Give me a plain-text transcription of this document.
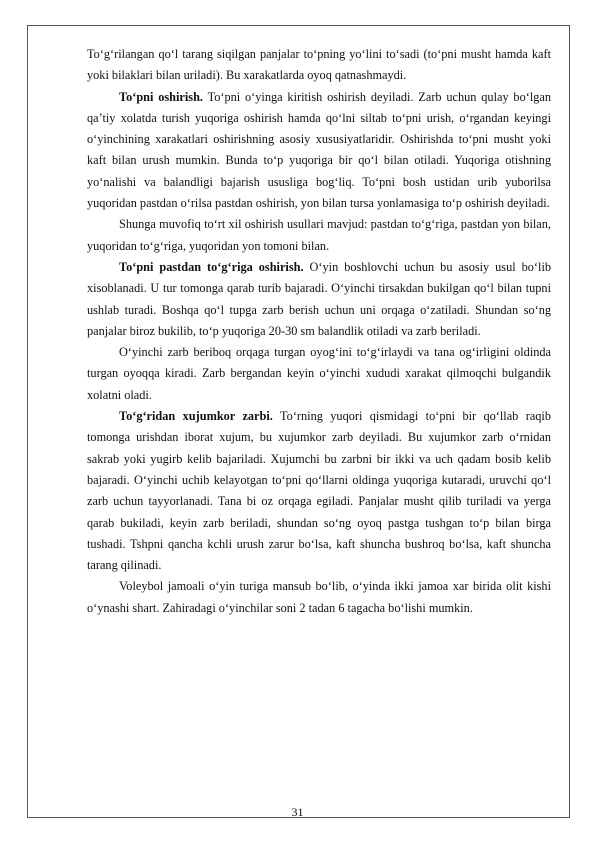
To‘g‘rilangan qo‘l tarang siqilgan panjalar to‘pning yo‘lini to‘sadi (to‘pni musht hamda kaft yoki bilaklari bilan uriladi). Bu xarakatlarda oyoq qatnashmaydi.

To‘pni oshirish. To‘pni o‘yinga kiritish oshirish deyiladi. Zarb uchun qulay bo‘lgan qa’tiy xolatda turish yuqoriga oshirish hamda qo‘lni siltab to‘pni urish, o‘rgandan keyingi o‘yinchining xarakatlari oshirishning asosiy xususiyatlaridir. Oshirishda to‘pni musht yoki kaft bilan urush mumkin. Bunda to‘p yuqoriga bir qo‘l bilan otiladi. Yuqoriga otishning yo‘nalishi va balandligi bajarish ususliga bog‘liq. To‘pni bosh ustidan urib yuborilsa yuqoridan pastdan o‘rilsa pastdan oshirish, yon bilan tursa yonlamasiga to‘p oshirish deyiladi.

Shunga muvofiq to‘rt xil oshirish usullari mavjud: pastdan to‘g‘riga, pastdan yon bilan, yuqoridan to‘g‘riga, yuqoridan yon tomoni bilan.

To‘pni pastdan to‘g‘riga oshirish. O‘yin boshlovchi uchun bu asosiy usul bo‘lib xisoblanadi. U tur tomonga qarab turib bajaradi. O‘yinchi tirsakdan bukilgan qo‘l bilan tupni ushlab turadi. Boshqa qo‘l tupga zarb berish uchun uni orqaga o‘zatiladi. Shundan so‘ng panjalar biroz bukilib, to‘p yuqoriga 20-30 sm balandlik otiladi va zarb beriladi.

O‘yinchi zarb beriboq orqaga turgan oyog‘ini to‘g‘irlaydi va tana og‘irligini oldinda turgan oyoqqa kiradi. Zarb bergandan keyin o‘yinchi xududi xarakat qilmoqchi bulgandik xolatni oladi.

To‘g‘ridan xujumkor zarbi. To‘rning yuqori qismidagi to‘pni bir qo‘llab raqib tomonga urishdan iborat xujum, bu xujumkor zarb deyiladi. Bu xujumkor zarb o‘rnidan sakrab yoki yugirb kelib bajariladi. Xujumchi bu zarbni bir ikki va uch qadam bosib kelib bajaradi. O‘yinchi uchib kelayotgan to‘pni qo‘llarni oldinga yuqoriga kutaradi, uruvchi qo‘l zarb uchun tayyorlanadi. Tana bi oz orqaga egiladi. Panjalar musht qilib turiladi va yerga qarab bukiladi, keyin zarb beriladi, shundan so‘ng oyoq pastga tushgan to‘p bilan birga tushadi. Tshpni qancha kchli urush zarur bo‘lsa, kaft shuncha bushroq bo‘lsa, kaft shuncha tarang qilinadi.

Voleybol jamoali o‘yin turiga mansub bo‘lib, o‘yinda ikki jamoa xar birida olit kishi o‘ynashi shart. Zahiradagi o‘yinchilar soni 2 tadan 6 tagacha bo‘lishi mumkin.

31
